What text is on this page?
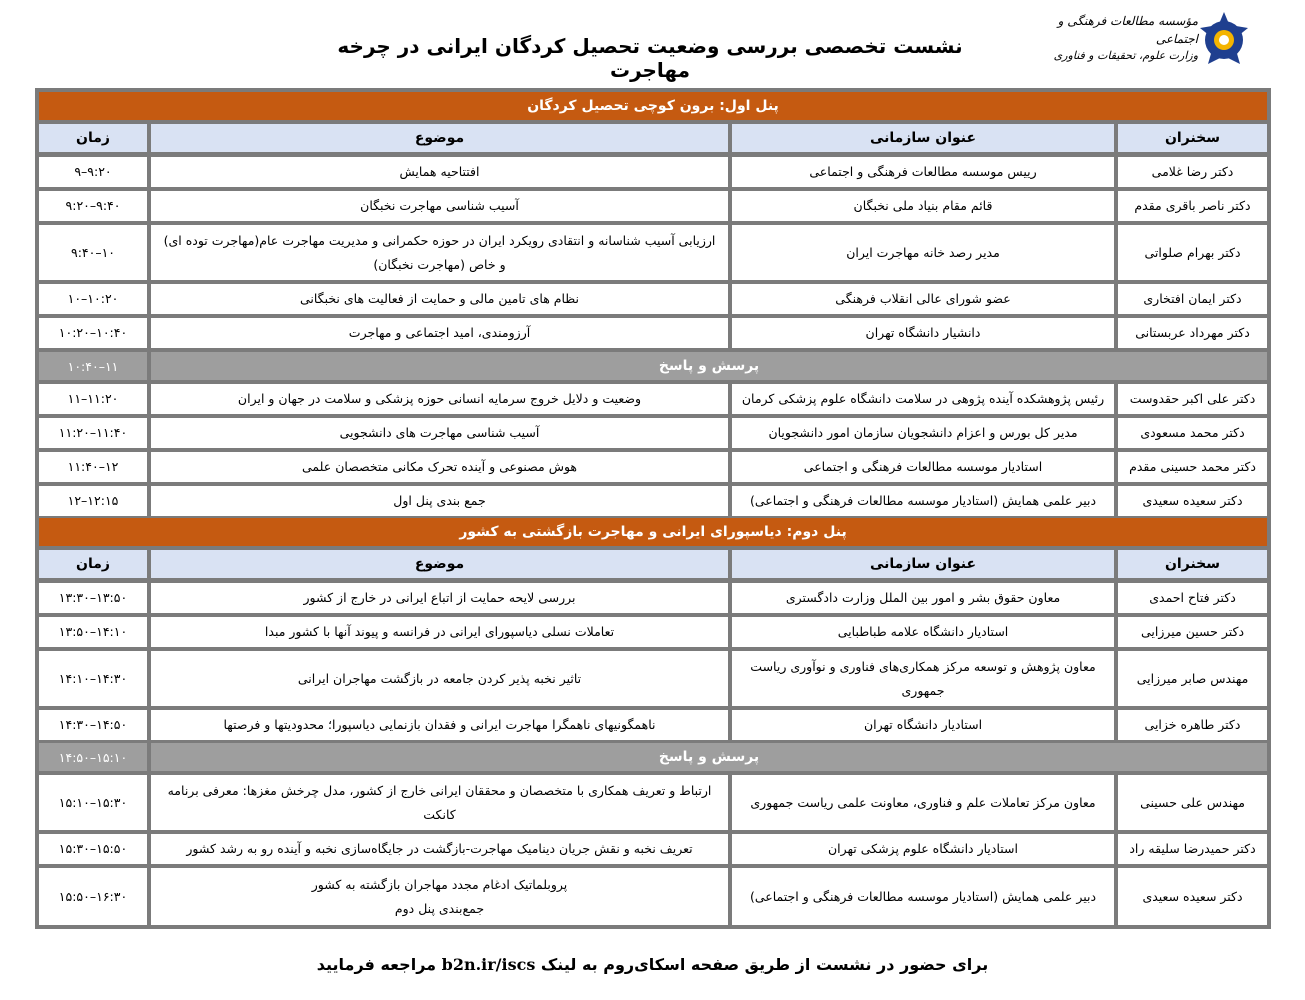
نشست تخصصی بررسی وضعیت تحصیل کردگان ایرانی در چرخه مهاجرت
مؤسسه مطالعات فرهنگی و اجتماعی
وزارت علوم، تحقیقات و فناوری
پنل اول: برون کوچی تحصیل کردگان
سخنران
عنوان سازمانی
موضوع
زمان
دکتر رضا غلامی
رییس موسسه مطالعات فرهنگی و اجتماعی
افتتاحیه همایش
۹–۹:۲۰
دکتر ناصر باقری مقدم
قائم مقام بنیاد ملی نخبگان
آسیب شناسی مهاجرت نخبگان
۹:۲۰–۹:۴۰
دکتر بهرام صلواتی
مدیر رصد خانه مهاجرت ایران
ارزیابی آسیب شناسانه و انتقادی رویکرد ایران در حوزه حکمرانی و مدیریت مهاجرت عام(مهاجرت توده ای) و خاص (مهاجرت نخبگان)
۹:۴۰–۱۰
دکتر ایمان افتخاری
عضو شورای عالی انقلاب فرهنگی
نظام های تامین مالی و حمایت از فعالیت های نخبگانی
۱۰–۱۰:۲۰
دکتر مهرداد عربستانی
دانشیار دانشگاه تهران
آرزومندی، امید اجتماعی و مهاجرت
۱۰:۲۰–۱۰:۴۰
۱۰:۴۰–۱۱	پرسش و پاسخ
دکتر علی اکبر حقدوست
رئیس پژوهشکده آینده پژوهی در سلامت دانشگاه علوم پزشکی کرمان
وضعیت و دلایل خروج سرمایه انسانی حوزه پزشکی و سلامت در جهان و ایران
۱۱–۱۱:۲۰
دکتر محمد مسعودی
مدیر کل بورس و اعزام دانشجویان سازمان امور دانشجویان
آسیب شناسی مهاجرت های دانشجویی
۱۱:۲۰–۱۱:۴۰
دکتر محمد حسینی مقدم
استادیار موسسه مطالعات فرهنگی و اجتماعی
هوش مصنوعی و آینده تحرک مکانی متخصصان علمی
۱۱:۴۰–۱۲
دکتر سعیده سعیدی
دبیر علمی همایش (استادیار موسسه مطالعات فرهنگی و اجتماعی)
جمع بندی پنل اول
۱۲–۱۲:۱۵
پنل دوم: دیاسپورای ایرانی و مهاجرت بازگشتی به کشور
سخنران
عنوان سازمانی
موضوع
زمان
دکتر فتاح احمدی
معاون حقوق بشر و امور بین الملل وزارت دادگستری
بررسی لایحه حمایت از اتباع ایرانی در خارج از کشور
۱۳:۳۰–۱۳:۵۰
دکتر حسین میرزایی
استادیار دانشگاه علامه طباطبایی
تعاملات نسلی دیاسپورای ایرانی در فرانسه و پیوند آنها با کشور مبدا
۱۳:۵۰–۱۴:۱۰
مهندس صابر میرزایی
معاون پژوهش و توسعه مرکز همکاری‌های فناوری و نوآوری ریاست جمهوری
تاثیر نخبه پذیر کردن جامعه در بازگشت مهاجران ایرانی
۱۴:۱۰–۱۴:۳۰
دکتر طاهره خزایی
استادیار دانشگاه تهران
ناهمگونیهای ناهمگرا مهاجرت ایرانی و فقدان بازنمایی دیاسپورا؛ محدودیتها و فرصتها
۱۴:۳۰–۱۴:۵۰
۱۴:۵۰–۱۵:۱۰	پرسش و پاسخ
مهندس علی حسینی
معاون مرکز تعاملات علم و فناوری، معاونت علمی ریاست جمهوری
ارتباط و تعریف همکاری با متخصصان و محققان ایرانی خارج از کشور، مدل چرخش مغزها: معرفی برنامه کانکت
۱۵:۱۰–۱۵:۳۰
دکتر حمیدرضا سلیقه راد
استادیار دانشگاه علوم پزشکی تهران
تعریف نخبه و نقش جریان دینامیک مهاجرت-بازگشت در جایگاه‌سازی نخبه و آینده رو به رشد کشور
۱۵:۳۰–۱۵:۵۰
دکتر سعیده سعیدی
دبیر علمی همایش (استادیار موسسه مطالعات فرهنگی و اجتماعی)
پروبلماتیک ادغام مجدد مهاجران بازگشته به کشور
جمع‌بندی پنل دوم
۱۵:۵۰–۱۶:۳۰
برای حضور در نشست از طریق صفحه اسکای‌روم به لینک b2n.ir/iscs مراجعه فرمایید
